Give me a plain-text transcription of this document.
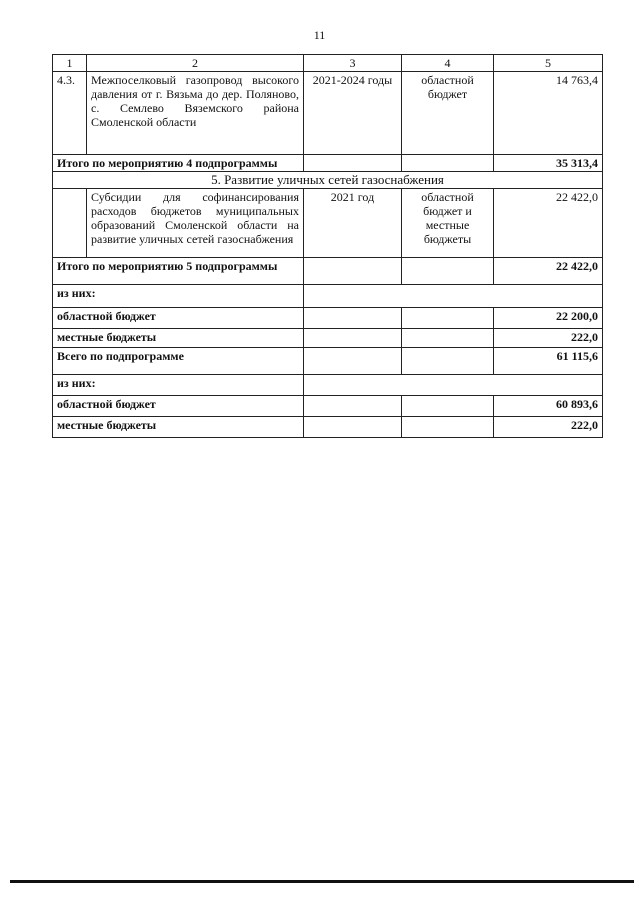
11
1	2	3	4	5
4.3.	Межпоселковый газопровод высокого давления от г. Вязьма до дер. Поляново, с. Семлево Вяземского района Смоленской области	2021-2024 годы	областной бюджет	14 763,4
Итого по мероприятию 4 подпрограммы				35 313,4
5. Развитие уличных сетей газоснабжения				
	Субсидии для софинансирования расходов бюджетов муниципальных образований Смоленской области на развитие уличных сетей газоснабжения	2021 год	областной бюджет и местные бюджеты	22 422,0
Итого по мероприятию 5 подпрограммы				22 422,0
из них:				
областной бюджет				22 200,0
местные бюджеты				222,0
Всего по подпрограмме				61 115,6
из них:				
областной бюджет				60 893,6
местные бюджеты				222,0
